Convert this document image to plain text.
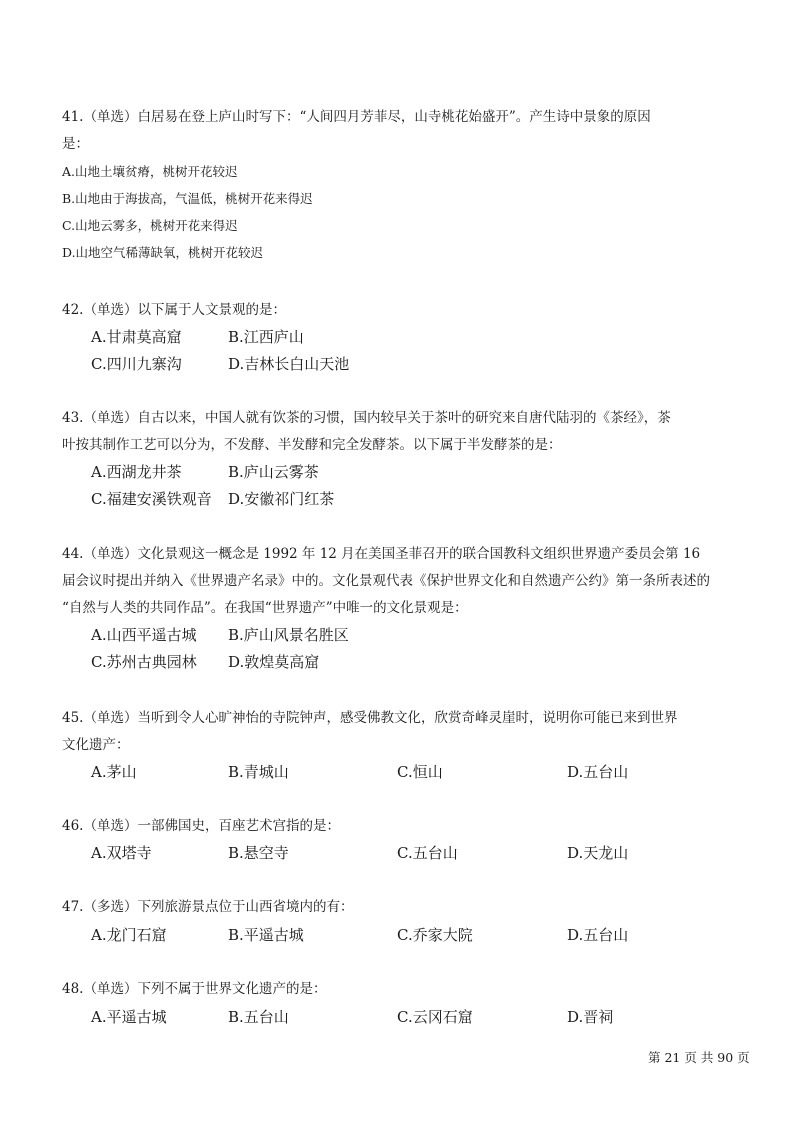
41.（单选）白居易在登上庐山时写下：“人间四月芳菲尽，山寺桃花始盛开”。产生诗中景象的原因
是：
A.山地土壤贫瘠，桃树开花较迟
B.山地由于海拔高，气温低，桃树开花来得迟
C.山地云雾多，桃树开花来得迟
D.山地空气稀薄缺氧，桃树开花较迟
42.（单选）以下属于人文景观的是：
A.甘肃莫高窟	B.江西庐山
C.四川九寨沟	D.吉林长白山天池
43.（单选）自古以来，中国人就有饮茶的习惯，国内较早关于茶叶的研究来自唐代陆羽的《茶经》，茶
叶按其制作工艺可以分为，不发酵、半发酵和完全发酵茶。以下属于半发酵茶的是：
A.西湖龙井茶	B.庐山云雾茶
C.福建安溪铁观音 D.安徽祁门红茶
44.（单选）文化景观这一概念是 1992 年 12 月在美国圣菲召开的联合国教科文组织世界遗产委员会第 16
届会议时提出并纳入《世界遗产名录》中的。文化景观代表《保护世界文化和自然遗产公约》第一条所表述的
“自然与人类的共同作品”。在我国“世界遗产”中唯一的文化景观是：
A.山西平遥古城 B.庐山风景名胜区
C.苏州古典园林 D.敦煌莫高窟
45.（单选）当听到令人心旷神怡的寺院钟声，感受佛教文化，欣赏奇峰灵崖时，说明你可能已来到世界
文化遗产：
A.茅山	B.青城山	C.恒山	D.五台山
46.（单选）一部佛国史，百座艺术宫指的是：
A.双塔寺	B.悬空寺	C.五台山	D.天龙山
47.（多选）下列旅游景点位于山西省境内的有：
A.龙门石窟	B.平遥古城	C.乔家大院	D.五台山
48.（单选）下列不属于世界文化遗产的是：
A.平遥古城	B.五台山	C.云冈石窟	D.晋祠
第 21 页 共 90 页
